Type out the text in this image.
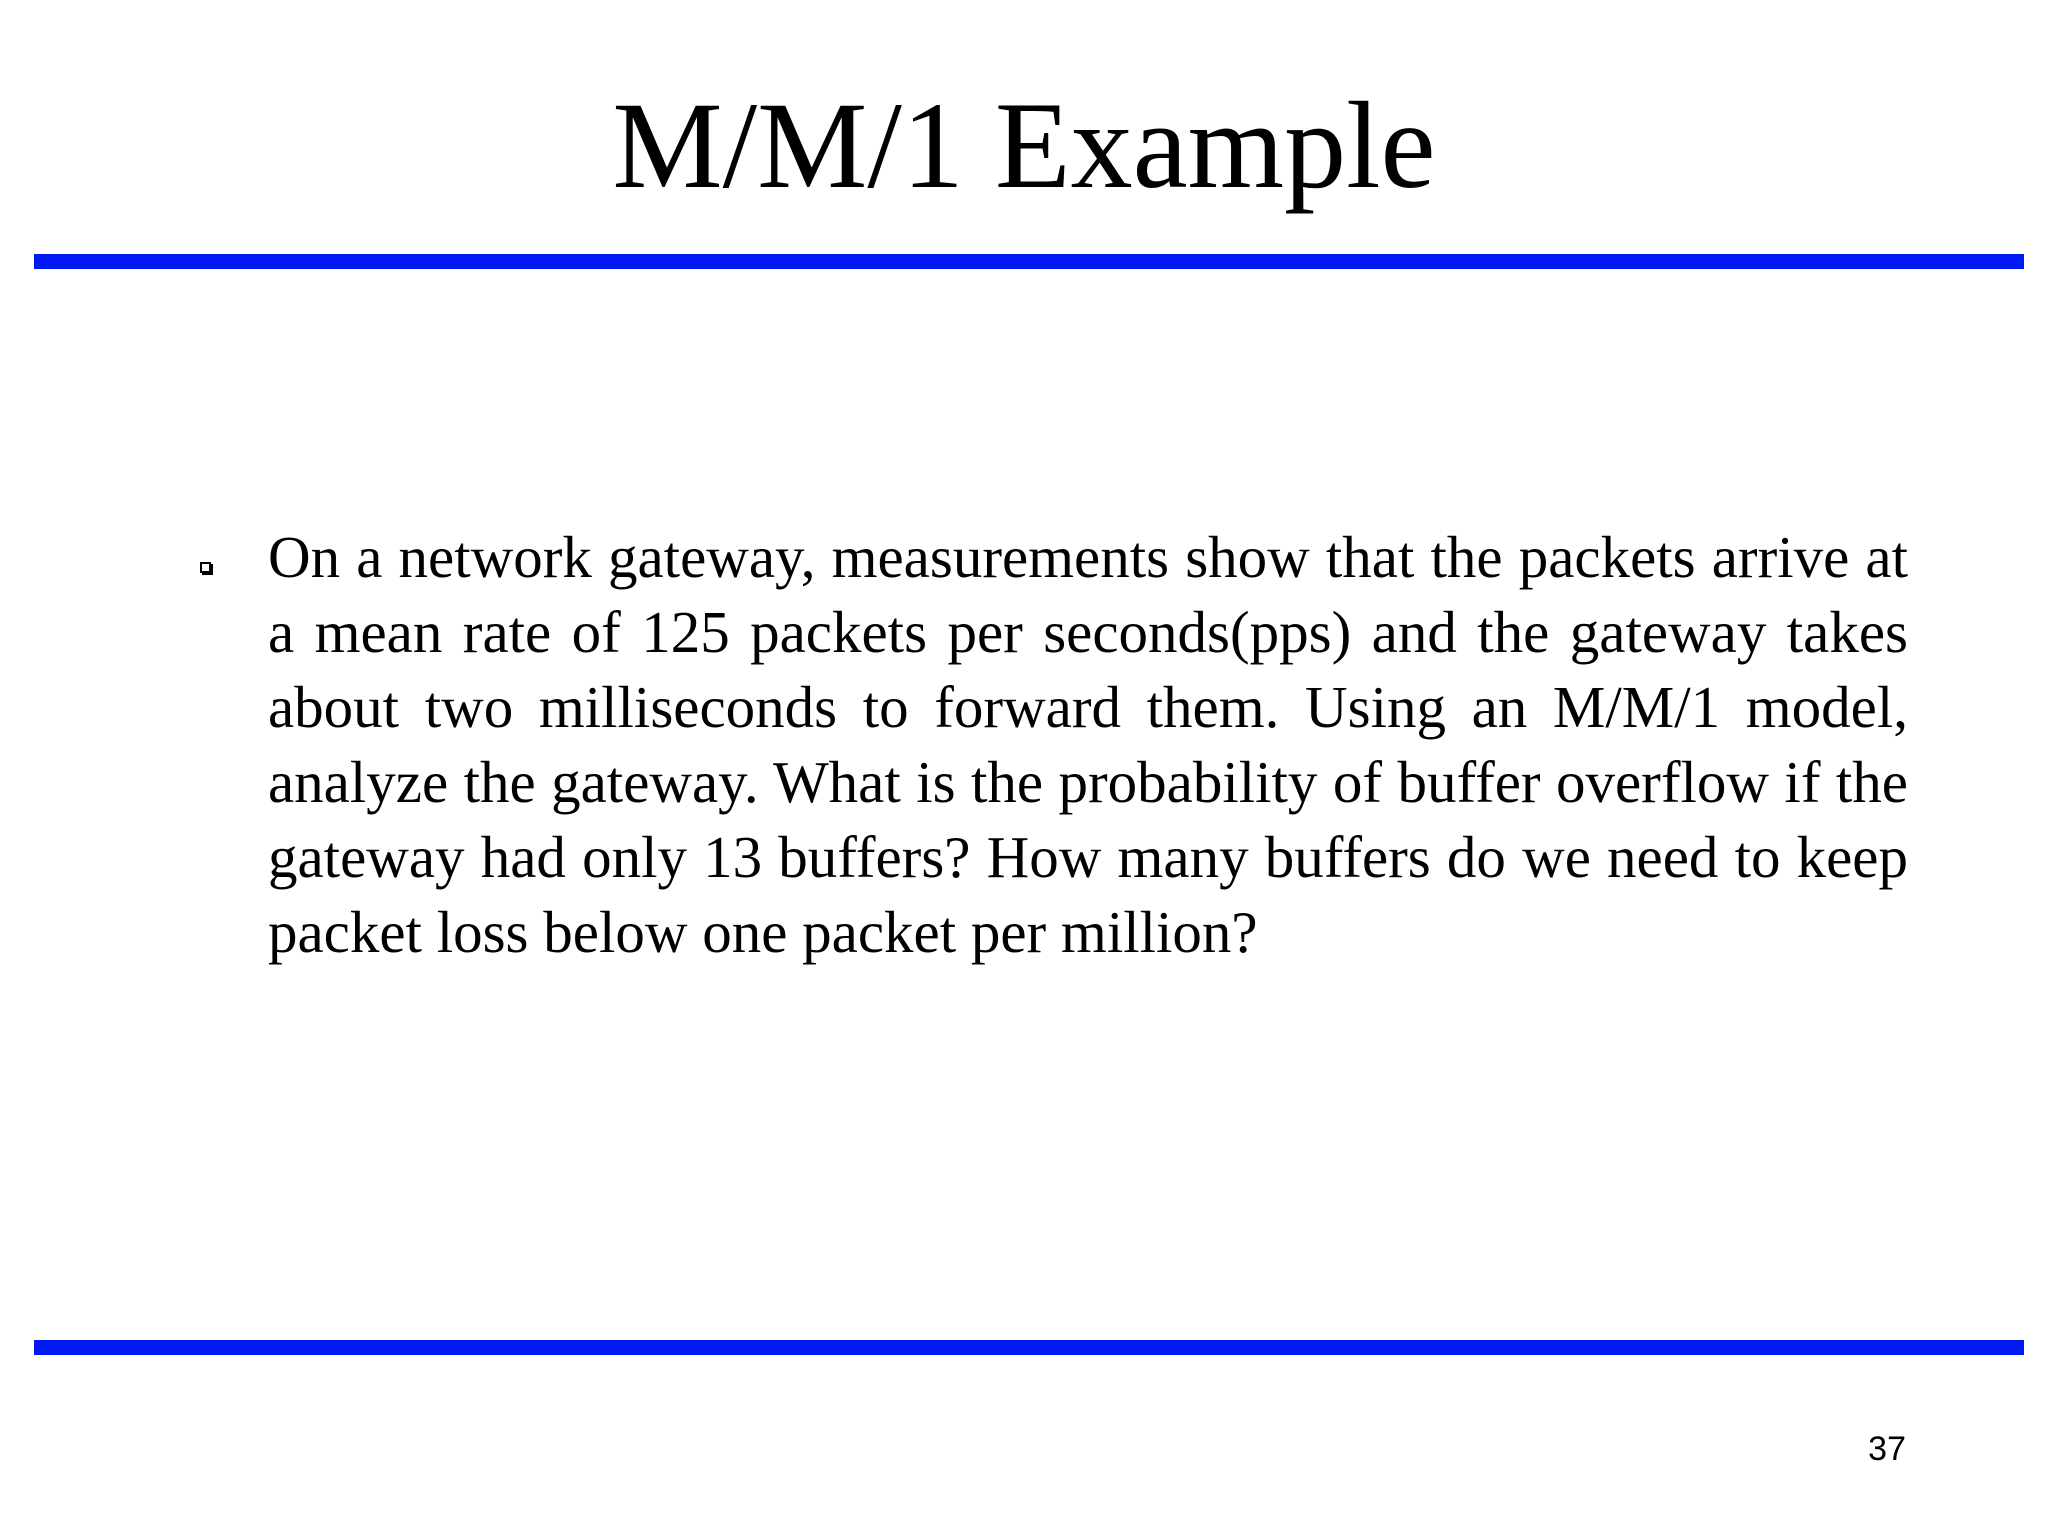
M/M/1 Example
On a network gateway, measurements show that the packets arrive at a mean rate of 125 packets per seconds(pps) and the gateway takes about two milliseconds to forward them. Using an M/M/1 model, analyze the gateway. What is the probability of buffer overflow if the gateway had only 13 buffers? How many buffers do we need to keep packet loss below one packet per million?
37
